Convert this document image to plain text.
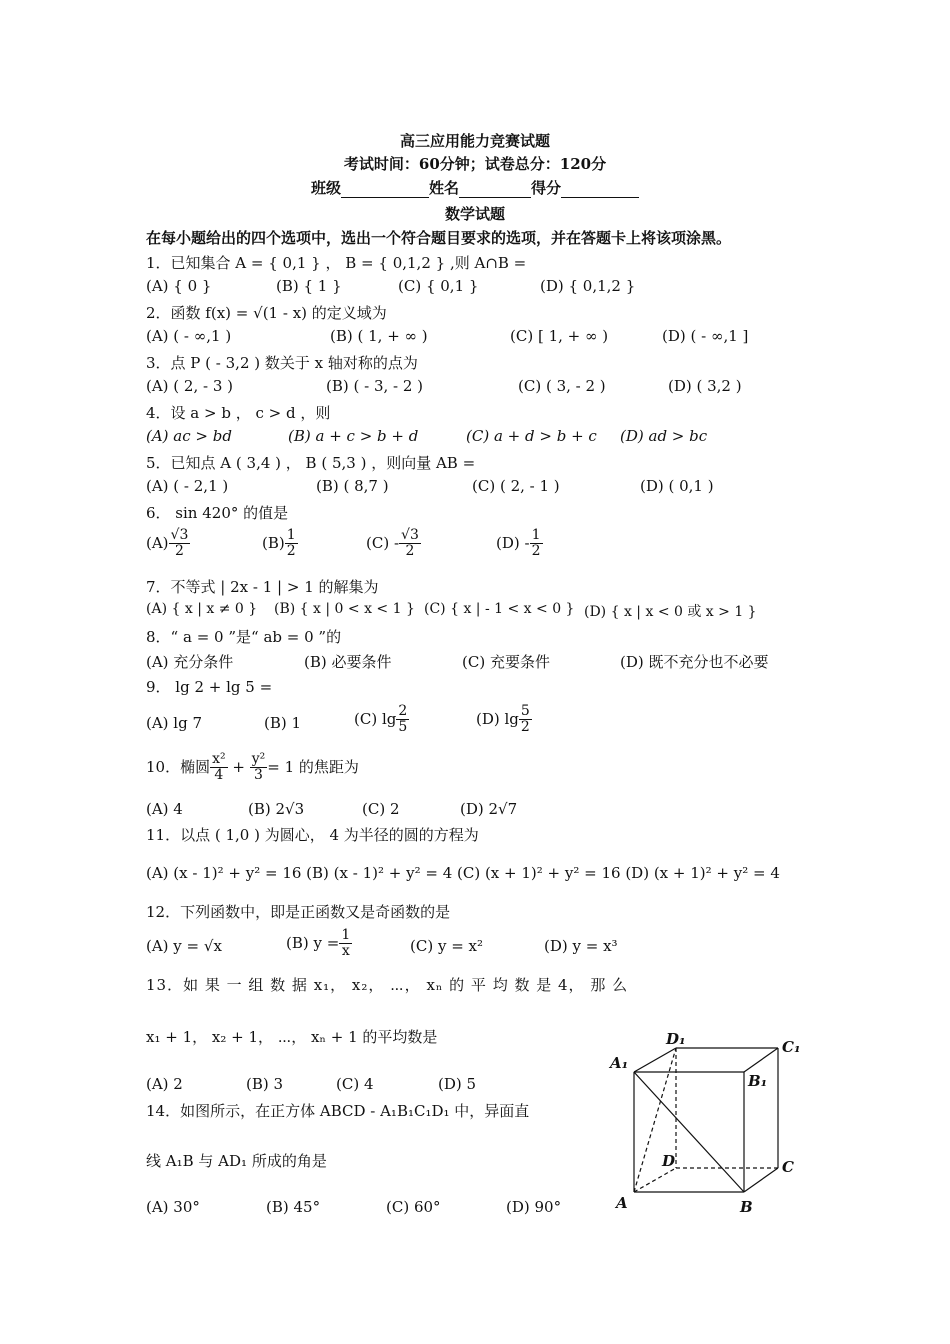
高三应用能力竞赛试题
考试时间：60分钟；试卷总分：120分
班级	姓名	得分
数学试题
在每小题给出的四个选项中，选出一个符合题目要求的选项，并在答题卡上将该项涂黑。
1．已知集合 A = { 0,1 } ， B = { 0,1,2 } ,则 A∩B =
(A) { 0 }	(B) { 1 }	(C) { 0,1 }	(D) { 0,1,2 }
2．函数 f(x) = √(1 - x) 的定义域为
(A) ( - ∞,1 )	(B) ( 1, + ∞ )	(C) [ 1, + ∞ )	(D) ( - ∞,1 ]
3．点 P ( - 3,2 ) 数关于 x 轴对称的点为
(A) ( 2, - 3 )	(B) ( - 3, - 2 )	(C) ( 3, - 2 )	(D) ( 3,2 )
4．设 a > b ， c > d ，则
(A) ac > bd	(B) a + c > b + d	(C) a + d > b + c (D) ad > bc
5．已知点 A ( 3,4 ) ， B ( 5,3 ) ，则向量 AB =
(A) ( - 2,1 )	(B) ( 8,7 )	(C) ( 2, - 1 )	(D) ( 0,1 )
6． sin 420° 的值是
$(A) \frac{√3}{2}$	$(B) \frac{1}{2}$	$(C) - \frac{√3}{2}$	$(D) - \frac{1}{2}$
7．不等式 | 2x - 1 | > 1 的解集为
(A) { x | x ≠ 0 } (B) { x | 0 < x < 1 } (C) { x | - 1 < x < 0 } (D) { x | x < 0 或 x > 1 }
8．“ a = 0 ”是“ ab = 0 ”的
(A) 充分条件	(B) 必要条件	(C) 充要条件	(D) 既不充分也不必要
9． lg 2 + lg 5 =
(A) lg 7	(B) 1	(C) $\lg \frac{2}{5}$	(D) $\lg \frac{5}{2}$
10．椭圆 $\frac{\text{x²}}{4} + \frac{\text{y²}}{3} = 1$ 的焦距为
(A) 4	(B) 2√3	(C) 2	(D) 2√7
11．以点 ( 1,0 ) 为圆心， 4 为半径的圆的方程为
(A) (x - 1)² + y² = 16 (B) (x - 1)² + y² = 4 (C) (x + 1)² + y² = 16 (D) (x + 1)² + y² = 4
12．下列函数中，即是正函数又是奇函数的是
(A) y = √x	(B) $y = \frac{1}{x}$	(C) y = x²	(D) y = x³
13．如 果 一 组 数 据 x₁， x₂， ⋯， xₙ 的 平 均 数 是 4， 那 么
x₁ + 1， x₂ + 1， ⋯， xₙ + 1 的平均数是
(A) 2	(B) 3	(C) 4	(D) 5
14．如图所示，在正方体 ABCD - A₁B₁C₁D₁ 中，异面直
线 A₁B 与 AD₁ 所成的角是
(A) 30°	(B) 45°	(C) 60°	(D) 90°
A₁
D₁	C₁
B₁
D	C
A	B
